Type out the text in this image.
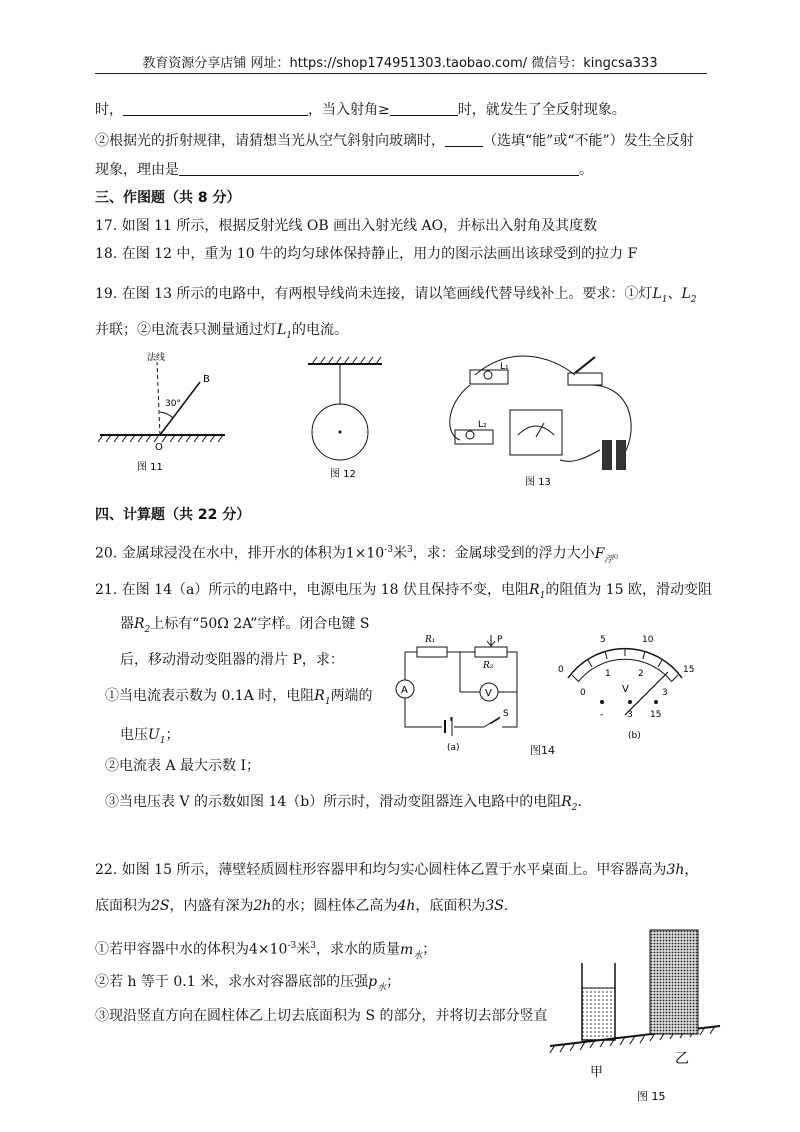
教育资源分享店铺 网址：https://shop174951303.taobao.com/ 微信号：kingcsa333
时，	，当入射角≥	时，就发生了全反射现象。
②根据光的折射规律，请猜想当光从空气斜射向玻璃时，	（选填“能”或“不能”）发生全反射
现象，理由是	。
三、作图题（共 8 分）
17. 如图 11 所示，根据反射光线 OB 画出入射光线 AO，并标出入射角及其度数
18. 在图 12 中，重为 10 牛的均匀球体保持静止，用力的图示法画出该球受到的拉力 F
19. 在图 13 所示的电路中，有两根导线尚未连接，请以笔画线代替导线补上。要求：①灯$L_1$、$L_2$
并联；②电流表只测量通过灯$L_1$的电流。
法线
B
30°
O
图 11
图 12
L₁
L₂
图 13
四、计算题（共 22 分）
20. 金属球浸没在水中，排开水的体积为$1\times 10^{-3}$米$^3$，求：金属球受到的浮力大小$F_浮$。
21. 在图 14（a）所示的电路中，电源电压为 18 伏且保持不变，电阻$R_1$的阻值为 15 欧，滑动变阻
器$R_2$上标有“50Ω 2A”字样。闭合电键 S
后，移动滑动变阻器的滑片 P，求：
①当电流表示数为 0.1A 时，电阻$R_1$两端的
电压$U_1$；
②电流表 A 最大示数 I；
③当电压表 V 的示数如图 14（b）所示时，滑动变阻器连入电路中的电阻$R_2$.
R₁
R₂
P
A	V
S
(a)
0
5	10
15
0
1	2
3
V
-	3 15
(b)
图14
22. 如图 15 所示，薄壁轻质圆柱形容器甲和均匀实心圆柱体乙置于水平桌面上。甲容器高为3h，
底面积为2S，内盛有深为2h的水；圆柱体乙高为4h，底面积为3S.
①若甲容器中水的体积为$4\times 10^{-3}$米$^3$，求水的质量$m_水$；
②若 h 等于 0.1 米，求水对容器底部的压强$p_水$；
③现沿竖直方向在圆柱体乙上切去底面积为 S 的部分，并将切去部分竖直
甲
乙
图 15
